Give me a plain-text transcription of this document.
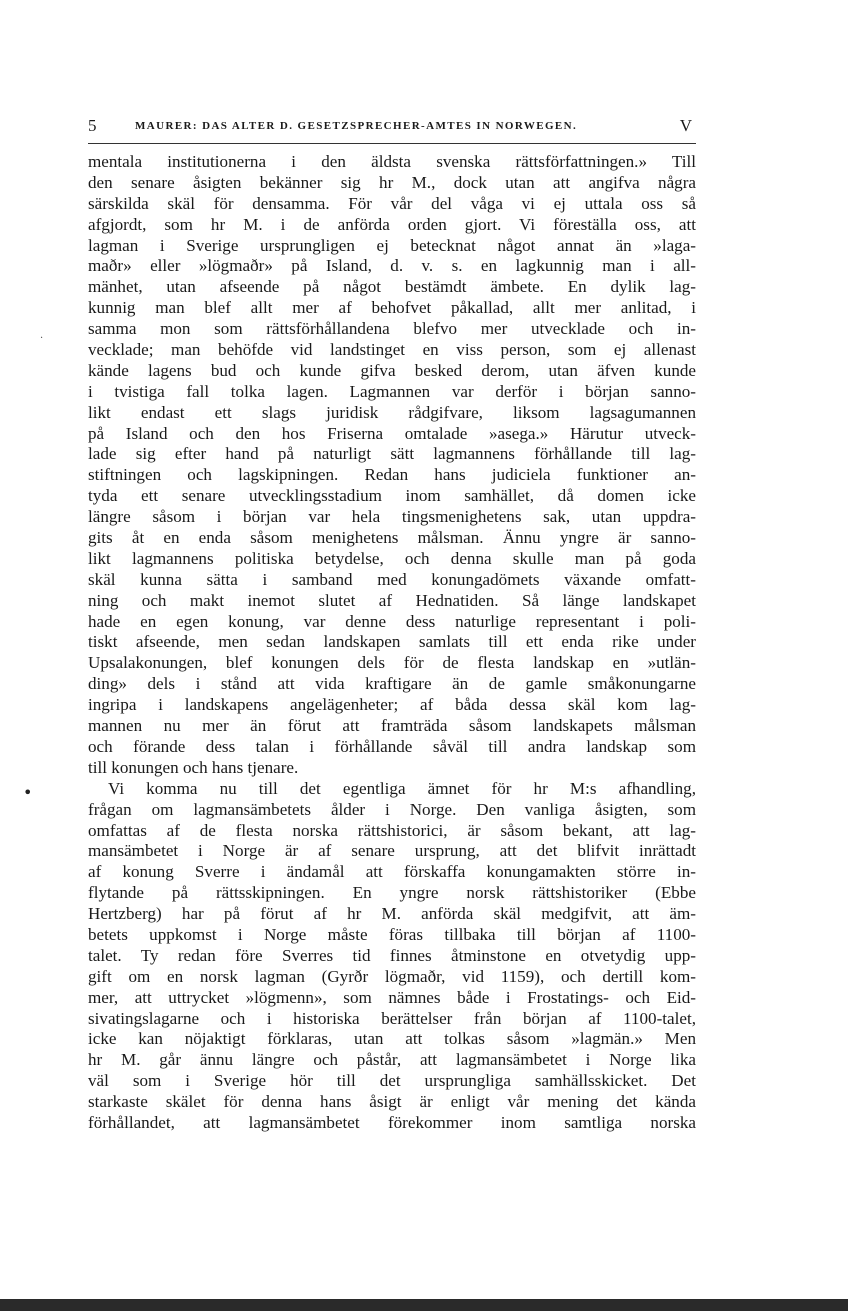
5	MAURER: DAS ALTER D. GESETZSPRECHER-AMTES IN NORWEGEN.	V
·
•
mentala institutionerna i den äldsta svenska rättsförfattningen.» Till
den senare åsigten bekänner sig hr M., dock utan att angifva några
särskilda skäl för densamma. För vår del våga vi ej uttala oss så
afgjordt, som hr M. i de anförda orden gjort. Vi föreställa oss, att
lagman i Sverige ursprungligen ej betecknat något annat än »laga-
maðr» eller »lögmaðr» på Island, d. v. s. en lagkunnig man i all-
mänhet, utan afseende på något bestämdt ämbete. En dylik lag-
kunnig man blef allt mer af behofvet påkallad, allt mer anlitad, i
samma mon som rättsförhållandena blefvo mer utvecklade och in-
vecklade; man behöfde vid landstinget en viss person, som ej allenast
kände lagens bud och kunde gifva besked derom, utan äfven kunde
i tvistiga fall tolka lagen. Lagmannen var derför i början sanno-
likt endast ett slags juridisk rådgifvare, liksom lagsagumannen
på Island och den hos Friserna omtalade »asega.» Härutur utveck-
lade sig efter hand på naturligt sätt lagmannens förhållande till lag-
stiftningen och lagskipningen. Redan hans judiciela funktioner an-
tyda ett senare utvecklingsstadium inom samhället, då domen icke
längre såsom i början var hela tingsmenighetens sak, utan uppdra-
gits åt en enda såsom menighetens målsman. Ännu yngre är sanno-
likt lagmannens politiska betydelse, och denna skulle man på goda
skäl kunna sätta i samband med konungadömets växande omfatt-
ning och makt inemot slutet af Hednatiden. Så länge landskapet
hade en egen konung, var denne dess naturlige representant i poli-
tiskt afseende, men sedan landskapen samlats till ett enda rike under
Upsalakonungen, blef konungen dels för de flesta landskap en »utlän-
ding» dels i stånd att vida kraftigare än de gamle småkonungarne
ingripa i landskapens angelägenheter; af båda dessa skäl kom lag-
mannen nu mer än förut att framträda såsom landskapets målsman
och förande dess talan i förhållande såväl till andra landskap som
till konungen och hans tjenare.
Vi komma nu till det egentliga ämnet för hr M:s afhandling,
frågan om lagmansämbetets ålder i Norge. Den vanliga åsigten, som
omfattas af de flesta norska rättshistorici, är såsom bekant, att lag-
mansämbetet i Norge är af senare ursprung, att det blifvit inrättadt
af konung Sverre i ändamål att förskaffa konungamakten större in-
flytande på rättsskipningen. En yngre norsk rättshistoriker (Ebbe
Hertzberg) har på förut af hr M. anförda skäl medgifvit, att äm-
betets uppkomst i Norge måste föras tillbaka till början af 1100-
talet. Ty redan före Sverres tid finnes åtminstone en otvetydig upp-
gift om en norsk lagman (Gyrðr lögmaðr, vid 1159), och dertill kom-
mer, att uttrycket »lögmenn», som nämnes både i Frostatings- och Eid-
sivatingslagarne och i historiska berättelser från början af 1100-talet,
icke kan nöjaktigt förklaras, utan att tolkas såsom »lagmän.» Men
hr M. går ännu längre och påstår, att lagmansämbetet i Norge lika
väl som i Sverige hör till det ursprungliga samhällsskicket. Det
starkaste skälet för denna hans åsigt är enligt vår mening det kända
förhållandet, att lagmansämbetet förekommer inom samtliga norska
